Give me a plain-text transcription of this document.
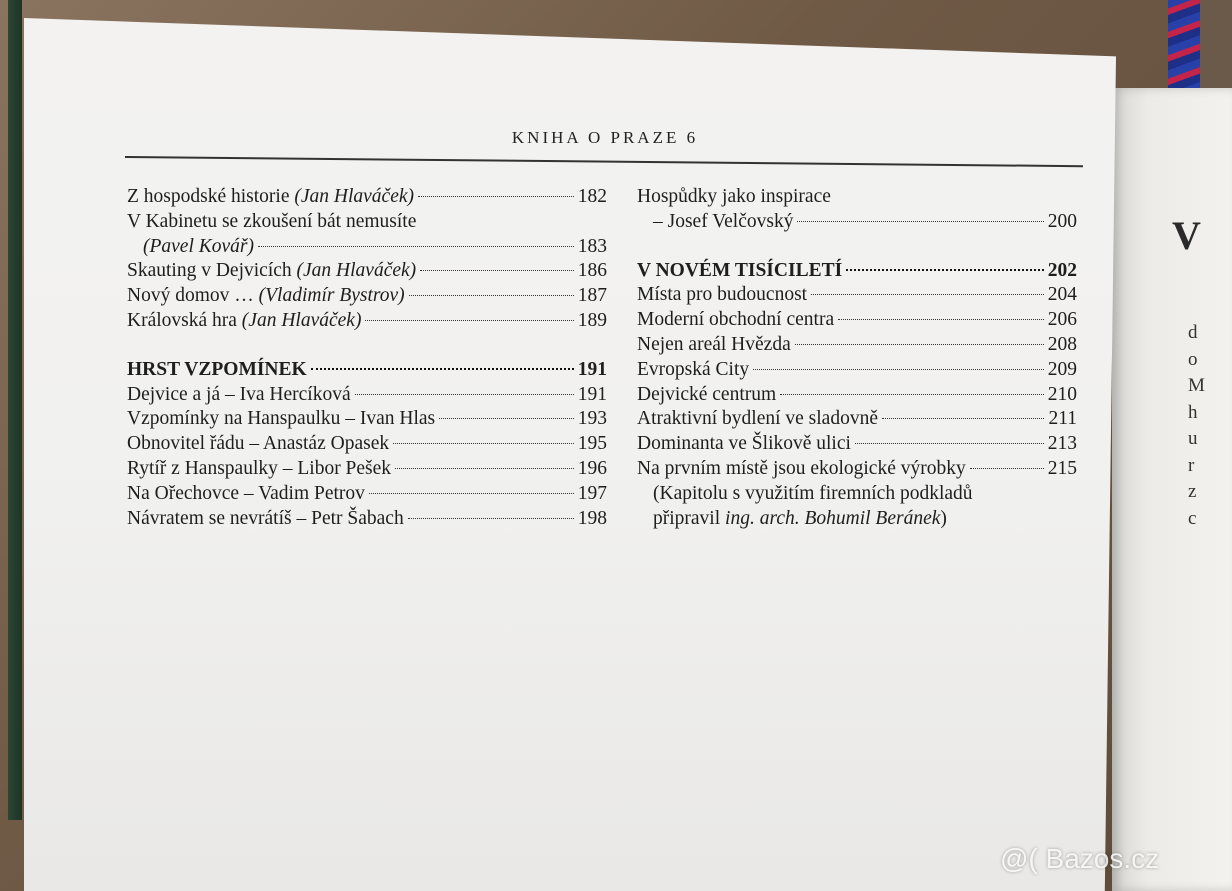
V
d
o
M
h
u
r
z
c
KNIHA O PRAZE 6
Z hospodské historie (Jan Hlaváček)	182
V Kabinetu se zkoušení bát nemusíte
(Pavel Kovář)	183
Skauting v Dejvicích (Jan Hlaváček)	186
Nový domov … (Vladimír Bystrov)	187
Královská hra (Jan Hlaváček)	189
HRST VZPOMÍNEK	191
Dejvice a já – Iva Hercíková	191
Vzpomínky na Hanspaulku – Ivan Hlas	193
Obnovitel řádu – Anastáz Opasek	195
Rytíř z Hanspaulky – Libor Pešek	196
Na Ořechovce – Vadim Petrov	197
Návratem se nevrátíš – Petr Šabach	198
Hospůdky jako inspirace
– Josef Velčovský	200
V NOVÉM TISÍCILETÍ	202
Místa pro budoucnost	204
Moderní obchodní centra	206
Nejen areál Hvězda	208
Evropská City	209
Dejvické centrum	210
Atraktivní bydlení ve sladovně	211
Dominanta ve Šlikově ulici	213
Na prvním místě jsou ekologické výrobky	215
(Kapitolu s využitím firemních podkladů
připravil ing. arch. Bohumil Beránek)
@( Bazos.cz
